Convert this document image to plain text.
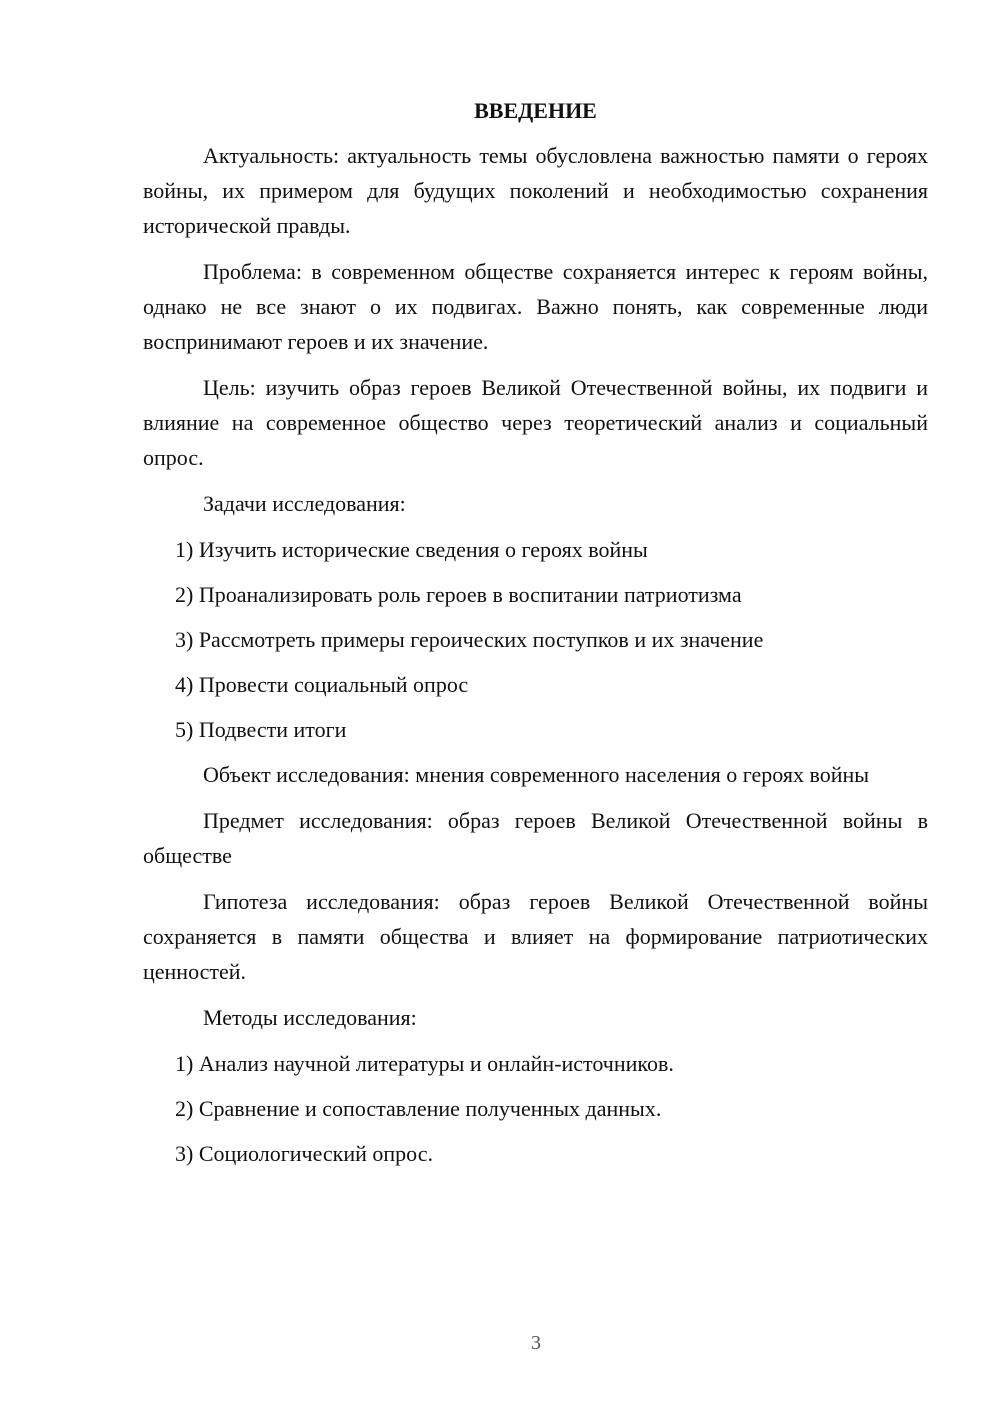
ВВЕДЕНИЕ

Актуальность: актуальность темы обусловлена важностью памяти о героях войны, их примером для будущих поколений и необходимостью сохранения исторической правды.

Проблема: в современном обществе сохраняется интерес к героям войны, однако не все знают о их подвигах. Важно понять, как современные люди воспринимают героев и их значение.

Цель: изучить образ героев Великой Отечественной войны, их подвиги и влияние на современное общество через теоретический анализ и социальный опрос.

Задачи исследования:

1) Изучить исторические сведения о героях войны
2) Проанализировать роль героев в воспитании патриотизма
3) Рассмотреть примеры героических поступков и их значение
4) Провести социальный опрос
5) Подвести итоги

Объект исследования: мнения современного населения о героях войны

Предмет исследования: образ героев Великой Отечественной войны в обществе

Гипотеза исследования: образ героев Великой Отечественной войны сохраняется в памяти общества и влияет на формирование патриотических ценностей.

Методы исследования:

1) Анализ научной литературы и онлайн-источников.
2) Сравнение и сопоставление полученных данных.
3) Социологический опрос.
3
